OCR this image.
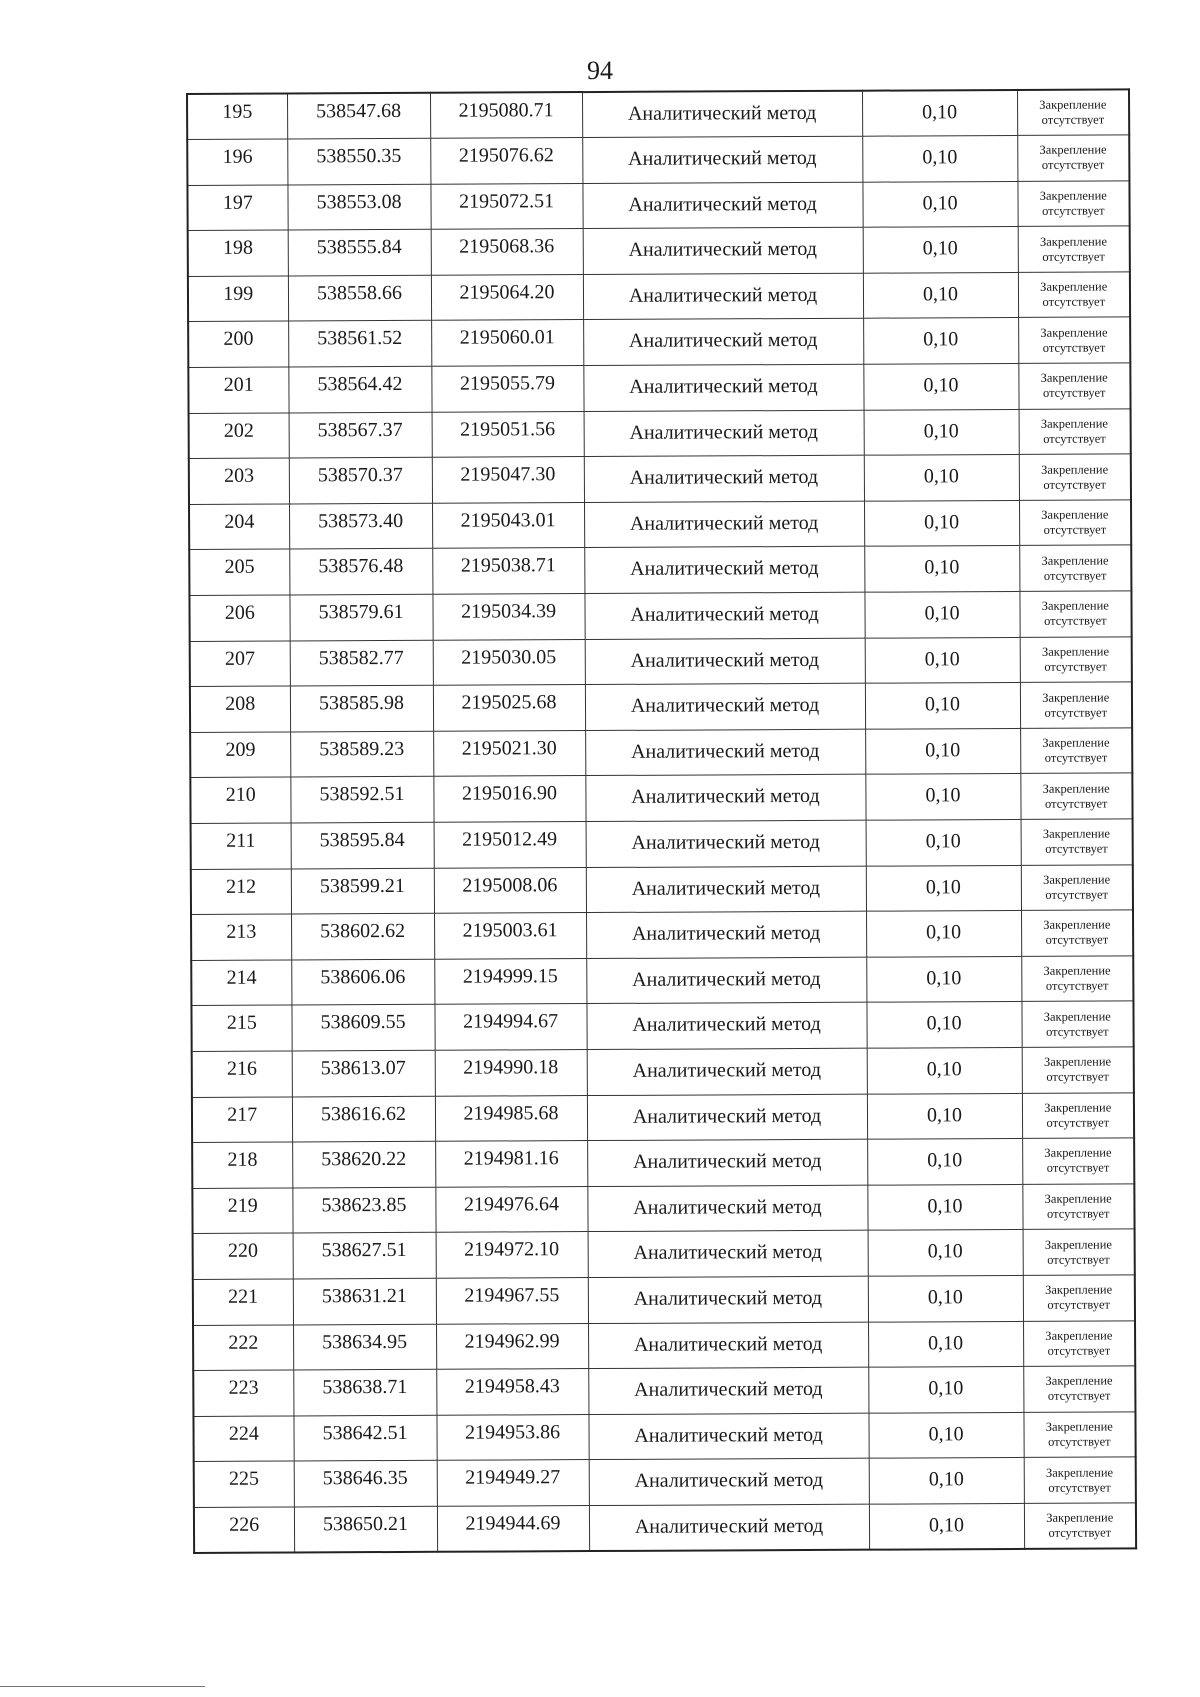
94
195	538547.68	2195080.71	Аналитический метод	0,10	Закрепление отсутствует

196	538550.35	2195076.62	Аналитический метод	0,10	Закрепление отсутствует

197	538553.08	2195072.51	Аналитический метод	0,10	Закрепление отсутствует

198	538555.84	2195068.36	Аналитический метод	0,10	Закрепление отсутствует

199	538558.66	2195064.20	Аналитический метод	0,10	Закрепление отсутствует

200	538561.52	2195060.01	Аналитический метод	0,10	Закрепление отсутствует

201	538564.42	2195055.79	Аналитический метод	0,10	Закрепление отсутствует

202	538567.37	2195051.56	Аналитический метод	0,10	Закрепление отсутствует

203	538570.37	2195047.30	Аналитический метод	0,10	Закрепление отсутствует

204	538573.40	2195043.01	Аналитический метод	0,10	Закрепление отсутствует

205	538576.48	2195038.71	Аналитический метод	0,10	Закрепление отсутствует

206	538579.61	2195034.39	Аналитический метод	0,10	Закрепление отсутствует

207	538582.77	2195030.05	Аналитический метод	0,10	Закрепление отсутствует

208	538585.98	2195025.68	Аналитический метод	0,10	Закрепление отсутствует

209	538589.23	2195021.30	Аналитический метод	0,10	Закрепление отсутствует

210	538592.51	2195016.90	Аналитический метод	0,10	Закрепление отсутствует

211	538595.84	2195012.49	Аналитический метод	0,10	Закрепление отсутствует

212	538599.21	2195008.06	Аналитический метод	0,10	Закрепление отсутствует

213	538602.62	2195003.61	Аналитический метод	0,10	Закрепление отсутствует

214	538606.06	2194999.15	Аналитический метод	0,10	Закрепление отсутствует

215	538609.55	2194994.67	Аналитический метод	0,10	Закрепление отсутствует

216	538613.07	2194990.18	Аналитический метод	0,10	Закрепление отсутствует

217	538616.62	2194985.68	Аналитический метод	0,10	Закрепление отсутствует

218	538620.22	2194981.16	Аналитический метод	0,10	Закрепление отсутствует

219	538623.85	2194976.64	Аналитический метод	0,10	Закрепление отсутствует

220	538627.51	2194972.10	Аналитический метод	0,10	Закрепление отсутствует

221	538631.21	2194967.55	Аналитический метод	0,10	Закрепление отсутствует

222	538634.95	2194962.99	Аналитический метод	0,10	Закрепление отсутствует

223	538638.71	2194958.43	Аналитический метод	0,10	Закрепление отсутствует

224	538642.51	2194953.86	Аналитический метод	0,10	Закрепление отсутствует

225	538646.35	2194949.27	Аналитический метод	0,10	Закрепление отсутствует

226	538650.21	2194944.69	Аналитический метод	0,10	Закрепление отсутствует
